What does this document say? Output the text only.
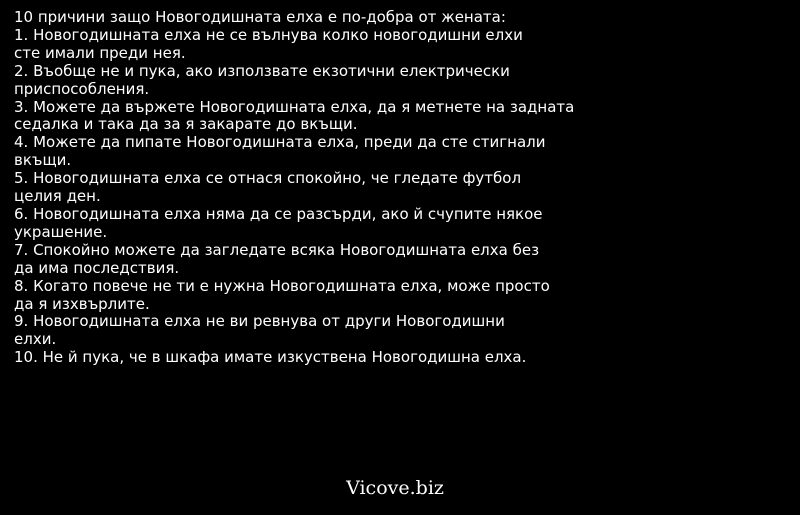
10 причини защо Новогодишната елха е по-добра от жената:
1. Новогодишната елха не се вълнува колко новогодишни елхи
сте имали преди нея.
2. Въобще не и пука, ако използвате екзотични електрически
приспособления.
3. Можете да вържете Новогодишната елха, да я метнете на задната
седалка и така да за я закарате до вкъщи.
4. Можете да пипате Новогодишната елха, преди да сте стигнали
вкъщи.
5. Новогодишната елха се отнася спокойно, че гледате футбол
целия ден.
6. Новогодишната елха няма да се разсърди, ако й счупите някое
украшение.
7. Спокойно можете да загледате всяка Новогодишната елха без
да има последствия.
8. Когато повече не ти е нужна Новогодишната елха, може просто
да я изхвърлите.
9. Новогодишната елха не ви ревнува от други Новогодишни
елхи.
10. Не й пука, че в шкафа имате изкуствена Новогодишна елха.
Vicove.biz
